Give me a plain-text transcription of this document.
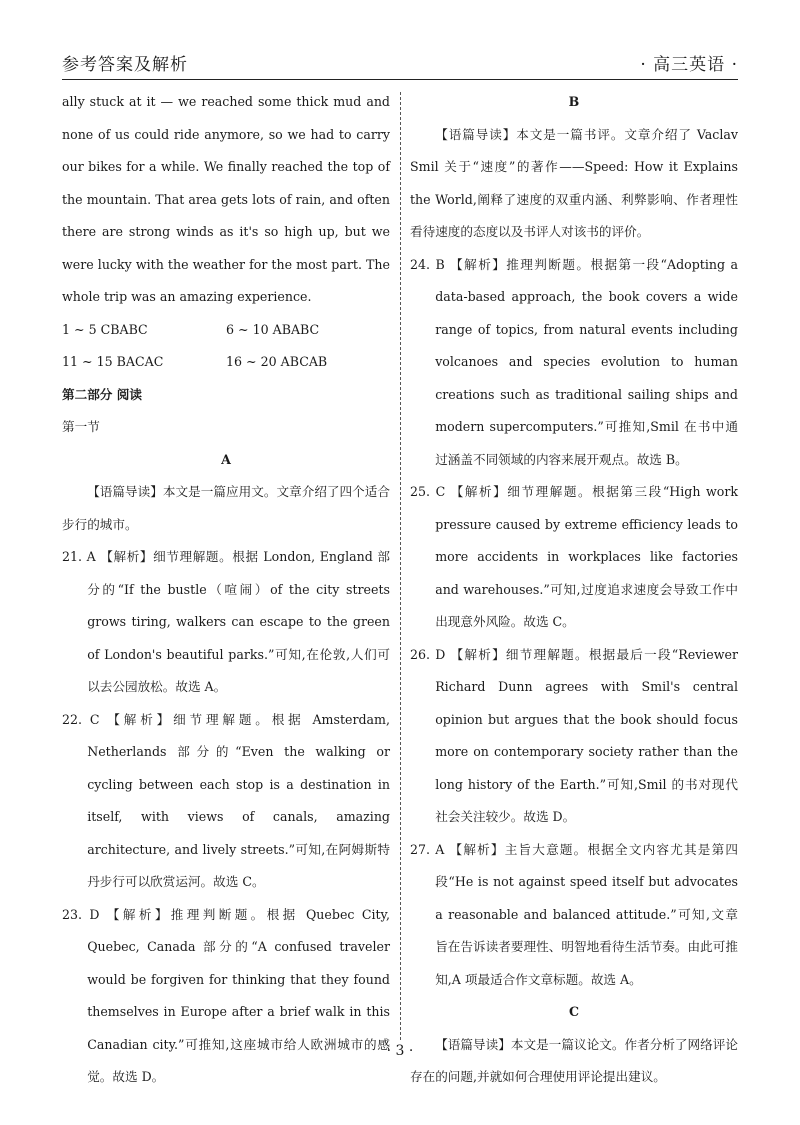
参考答案及解析	· 高三英语 ·

ally stuck at it — we reached some thick mud and none of us could ride anymore, so we had to carry our bikes for a while. We finally reached the top of the mountain. That area gets lots of rain, and often there are strong winds as it's so high up, but we were lucky with the weather for the most part. The whole trip was an amazing experience.

1 ~ 5 CBABC	6 ~ 10 ABABC
11 ~ 15 BACAC	16 ~ 20 ABCAB

第二部分 阅读

第一节

A

【语篇导读】本文是一篇应用文。文章介绍了四个适合步行的城市。

21. A 【解析】细节理解题。根据 London, England 部分的“If the bustle（喧闹）of the city streets grows tiring, walkers can escape to the green of London's beautiful parks.”可知,在伦敦,人们可以去公园放松。故选 A。

22. C 【解析】细节理解题。根据 Amsterdam, Netherlands 部分的“Even the walking or cycling between each stop is a destination in itself, with views of canals, amazing architecture, and lively streets.”可知,在阿姆斯特丹步行可以欣赏运河。故选 C。

23. D 【解析】推理判断题。根据 Quebec City, Quebec, Canada 部分的“A confused traveler would be forgiven for thinking that they found themselves in Europe after a brief walk in this Canadian city.”可推知,这座城市给人欧洲城市的感觉。故选 D。

B

【语篇导读】本文是一篇书评。文章介绍了 Vaclav Smil 关于“速度”的著作——Speed: How it Explains the World,阐释了速度的双重内涵、利弊影响、作者理性看待速度的态度以及书评人对该书的评价。

24. B 【解析】推理判断题。根据第一段“Adopting a data-based approach, the book covers a wide range of topics, from natural events including volcanoes and species evolution to human creations such as traditional sailing ships and modern supercomputers.”可推知,Smil 在书中通过涵盖不同领域的内容来展开观点。故选 B。

25. C 【解析】细节理解题。根据第三段“High work pressure caused by extreme efficiency leads to more accidents in workplaces like factories and warehouses.”可知,过度追求速度会导致工作中出现意外风险。故选 C。

26. D 【解析】细节理解题。根据最后一段“Reviewer Richard Dunn agrees with Smil's central opinion but argues that the book should focus more on contemporary society rather than the long history of the Earth.”可知,Smil 的书对现代社会关注较少。故选 D。

27. A 【解析】主旨大意题。根据全文内容尤其是第四段“He is not against speed itself but advocates a reasonable and balanced attitude.”可知,文章旨在告诉读者要理性、明智地看待生活节奏。由此可推知,A 项最适合作文章标题。故选 A。

C

【语篇导读】本文是一篇议论文。作者分析了网络评论存在的问题,并就如何合理使用评论提出建议。

· 3 ·
